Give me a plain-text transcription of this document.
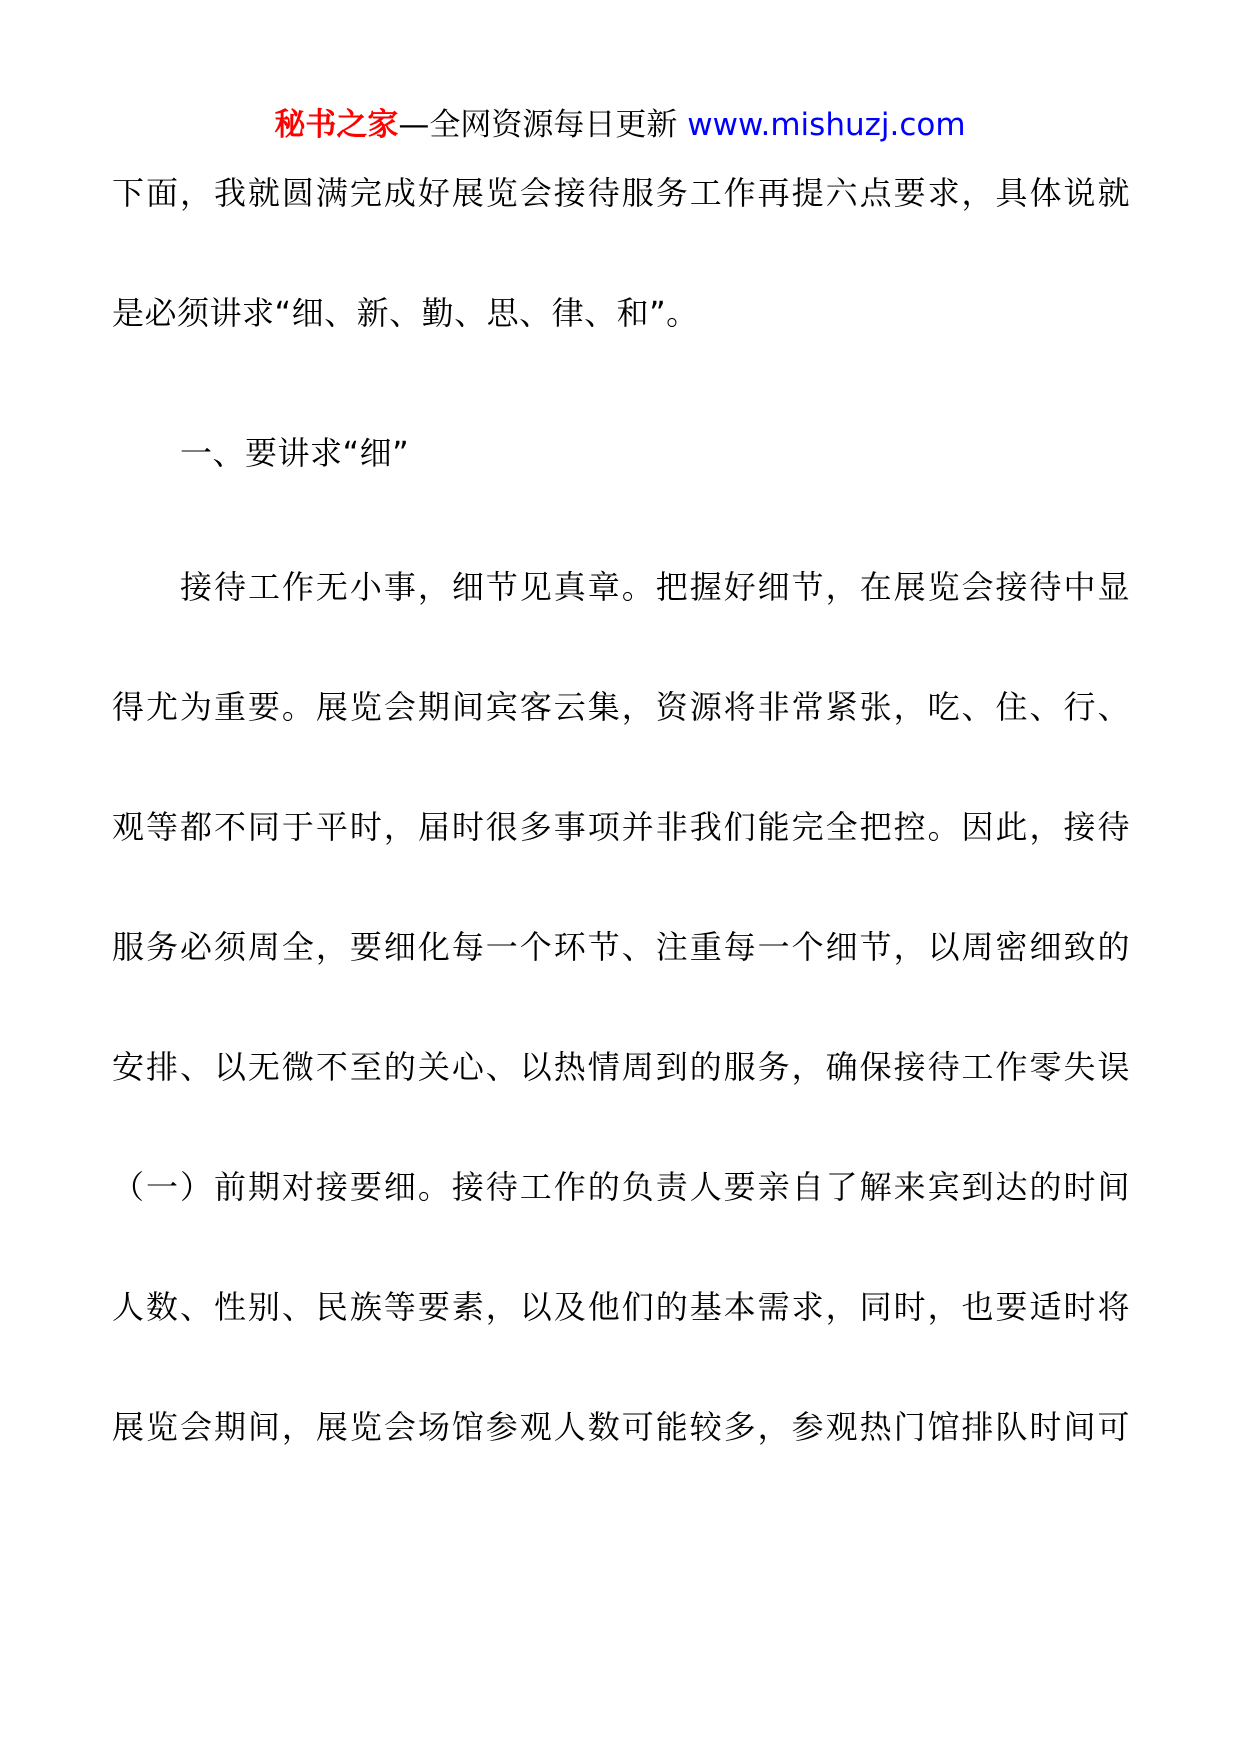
秘书之家—全网资源每日更新 www.mishuzj.com
下面，我就圆满完成好展览会接待服务工作再提六点要求，具体说就
是必须讲求“细、新、勤、思、律、和”。
一、要讲求“细”
接待工作无小事，细节见真章。把握好细节，在展览会接待中显
得尤为重要。展览会期间宾客云集，资源将非常紧张，吃、住、行、
观等都不同于平时，届时很多事项并非我们能完全把控。因此，接待
服务必须周全，要细化每一个环节、注重每一个细节，以周密细致的
安排、以无微不至的关心、以热情周到的服务，确保接待工作零失误
（一）前期对接要细。接待工作的负责人要亲自了解来宾到达的时间
人数、性别、民族等要素，以及他们的基本需求，同时，也要适时将
展览会期间，展览会场馆参观人数可能较多，参观热门馆排队时间可
